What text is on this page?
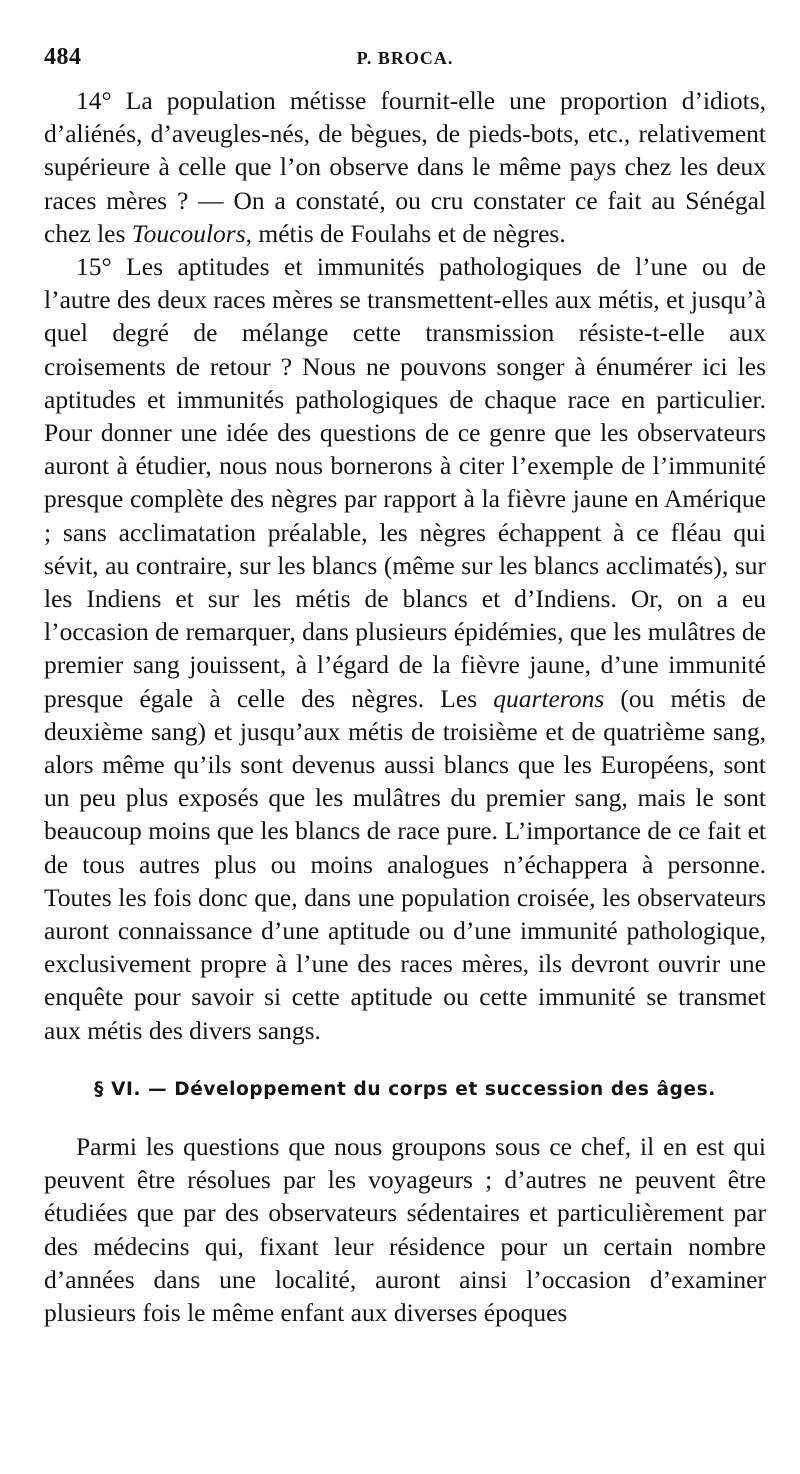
484	P. BROCA.

14° La population métisse fournit-elle une proportion d’idiots, d’aliénés, d’aveugles-nés, de bègues, de pieds-bots, etc., relativement supérieure à celle que l’on observe dans le même pays chez les deux races mères ? — On a constaté, ou cru constater ce fait au Sénégal chez les Toucoulors, métis de Foulahs et de nègres.

15° Les aptitudes et immunités pathologiques de l’une ou de l’autre des deux races mères se transmettent-elles aux métis, et jusqu’à quel degré de mélange cette transmission résiste-t-elle aux croisements de retour ? Nous ne pouvons songer à énumérer ici les aptitudes et immunités pathologiques de chaque race en particulier. Pour donner une idée des questions de ce genre que les observateurs auront à étudier, nous nous bornerons à citer l’exemple de l’immunité presque complète des nègres par rapport à la fièvre jaune en Amérique ; sans acclimatation préalable, les nègres échappent à ce fléau qui sévit, au contraire, sur les blancs (même sur les blancs acclimatés), sur les Indiens et sur les métis de blancs et d’Indiens. Or, on a eu l’occasion de remarquer, dans plusieurs épidémies, que les mulâtres de premier sang jouissent, à l’égard de la fièvre jaune, d’une immunité presque égale à celle des nègres. Les quarterons (ou métis de deuxième sang) et jusqu’aux métis de troisième et de quatrième sang, alors même qu’ils sont devenus aussi blancs que les Européens, sont un peu plus exposés que les mulâtres du premier sang, mais le sont beaucoup moins que les blancs de race pure. L’importance de ce fait et de tous autres plus ou moins analogues n’échappera à personne. Toutes les fois donc que, dans une population croisée, les observateurs auront connaissance d’une aptitude ou d’une immunité pathologique, exclusivement propre à l’une des races mères, ils devront ouvrir une enquête pour savoir si cette aptitude ou cette immunité se transmet aux métis des divers sangs.

§ VI. — Développement du corps et succession des âges.

Parmi les questions que nous groupons sous ce chef, il en est qui peuvent être résolues par les voyageurs ; d’autres ne peuvent être étudiées que par des observateurs sédentaires et particulièrement par des médecins qui, fixant leur résidence pour un certain nombre d’années dans une localité, auront ainsi l’occasion d’examiner plusieurs fois le même enfant aux diverses époques
